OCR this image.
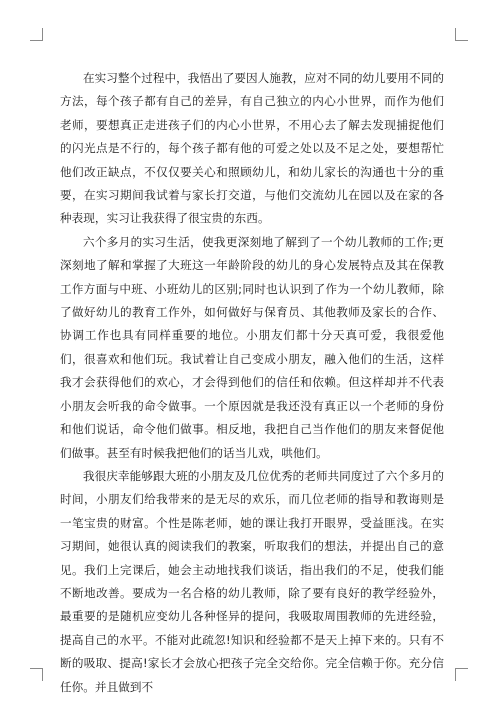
在实习整个过程中，我悟出了要因人施教，应对不同的幼儿要用不同的方法，每个孩子都有自己的差异，有自己独立的内心小世界，而作为他们老师，要想真正走进孩子们的内心小世界，不用心去了解去发现捕捉他们的闪光点是不行的，每个孩子都有他的可爱之处以及不足之处，要想帮忙他们改正缺点，不仅仅要关心和照顾幼儿，和幼儿家长的沟通也十分的重要，在实习期间我试着与家长打交道，与他们交流幼儿在园以及在家的各种表现，实习让我获得了很宝贵的东西。

六个多月的实习生活，使我更深刻地了解到了一个幼儿教师的工作;更深刻地了解和掌握了大班这一年龄阶段的幼儿的身心发展特点及其在保教工作方面与中班、小班幼儿的区别;同时也认识到了作为一个幼儿教师，除了做好幼儿的教育工作外，如何做好与保育员、其他教师及家长的合作、协调工作也具有同样重要的地位。小朋友们都十分天真可爱，我很爱他们，很喜欢和他们玩。我试着让自己变成小朋友，融入他们的生活，这样我才会获得他们的欢心，才会得到他们的信任和依赖。但这样却并不代表小朋友会听我的命令做事。一个原因就是我还没有真正以一个老师的身份和他们说话，命令他们做事。相反地，我把自己当作他们的朋友来督促他们做事。甚至有时候我把他们的话当儿戏，哄他们。

我很庆幸能够跟大班的小朋友及几位优秀的老师共同度过了六个多月的时间，小朋友们给我带来的是无尽的欢乐，而几位老师的指导和教诲则是一笔宝贵的财富。个性是陈老师，她的课让我打开眼界，受益匪浅。在实习期间，她很认真的阅读我们的教案，听取我们的想法，并提出自己的意见。我们上完课后，她会主动地找我们谈话，指出我们的不足，使我们能不断地改善。要成为一名合格的幼儿教师，除了要有良好的教学经验外，最重要的是随机应变幼儿各种怪异的提问，我吸取周围教师的先进经验，提高自己的水平。不能对此疏忽!知识和经验都不是天上掉下来的。只有不断的吸取、提高!家长才会放心把孩子完全交给你。完全信赖于你。充分信任你。并且做到不
